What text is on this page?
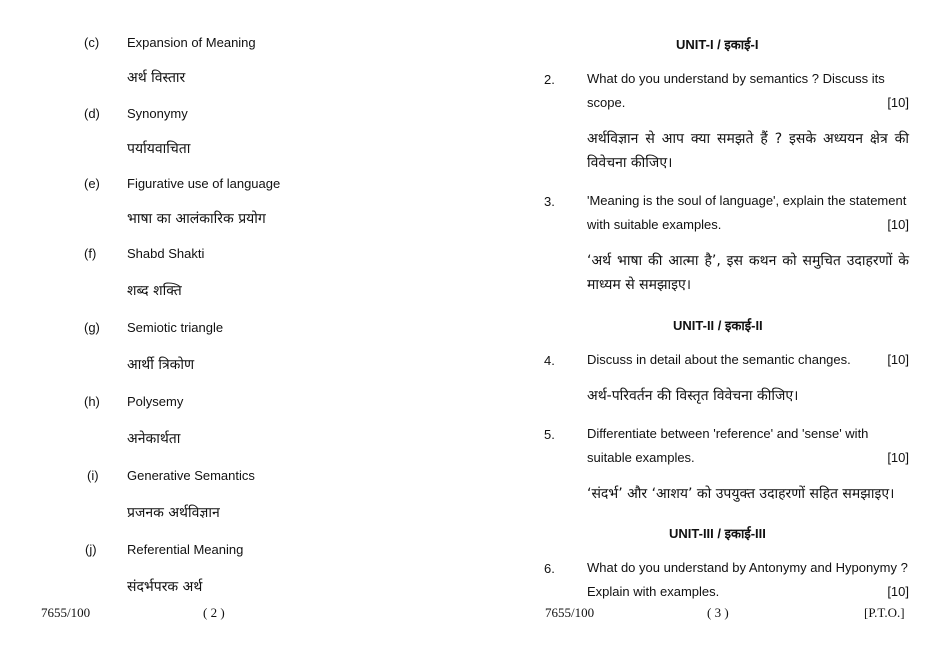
(c) Expansion of Meaning
अर्थ विस्तार
(d) Synonymy
पर्यायवाचिता
(e) Figurative use of language
भाषा का आलंकारिक प्रयोग
(f) Shabd Shakti
शब्द शक्ति
(g) Semiotic triangle
आर्थी त्रिकोण
(h) Polysemy
अनेकार्थता
(i) Generative Semantics
प्रजनक अर्थविज्ञान
(j) Referential Meaning
संदर्भपरक अर्थ
7655/100	( 2 )
UNIT-I / इकाई-I
2. What do you understand by semantics ? Discuss its scope.	[10]
अर्थविज्ञान से आप क्या समझते हैं ? इसके अध्ययन क्षेत्र की विवेचना कीजिए।
3. 'Meaning is the soul of language', explain the statement with suitable examples.	[10]
‘अर्थ भाषा की आत्मा है’, इस कथन को समुचित उदाहरणों के माध्यम से समझाइए।
UNIT-II / इकाई-II
4. Discuss in detail about the semantic changes.	[10]
अर्थ-परिवर्तन की विस्तृत विवेचना कीजिए।
5. Differentiate between 'reference' and 'sense' with suitable examples.	[10]
‘संदर्भ’ और ‘आशय’ को उपयुक्त उदाहरणों सहित समझाइए।
UNIT-III / इकाई-III
6. What do you understand by Antonymy and Hyponymy ? Explain with examples.	[10]
7655/100	( 3 )	[P.T.O.]
